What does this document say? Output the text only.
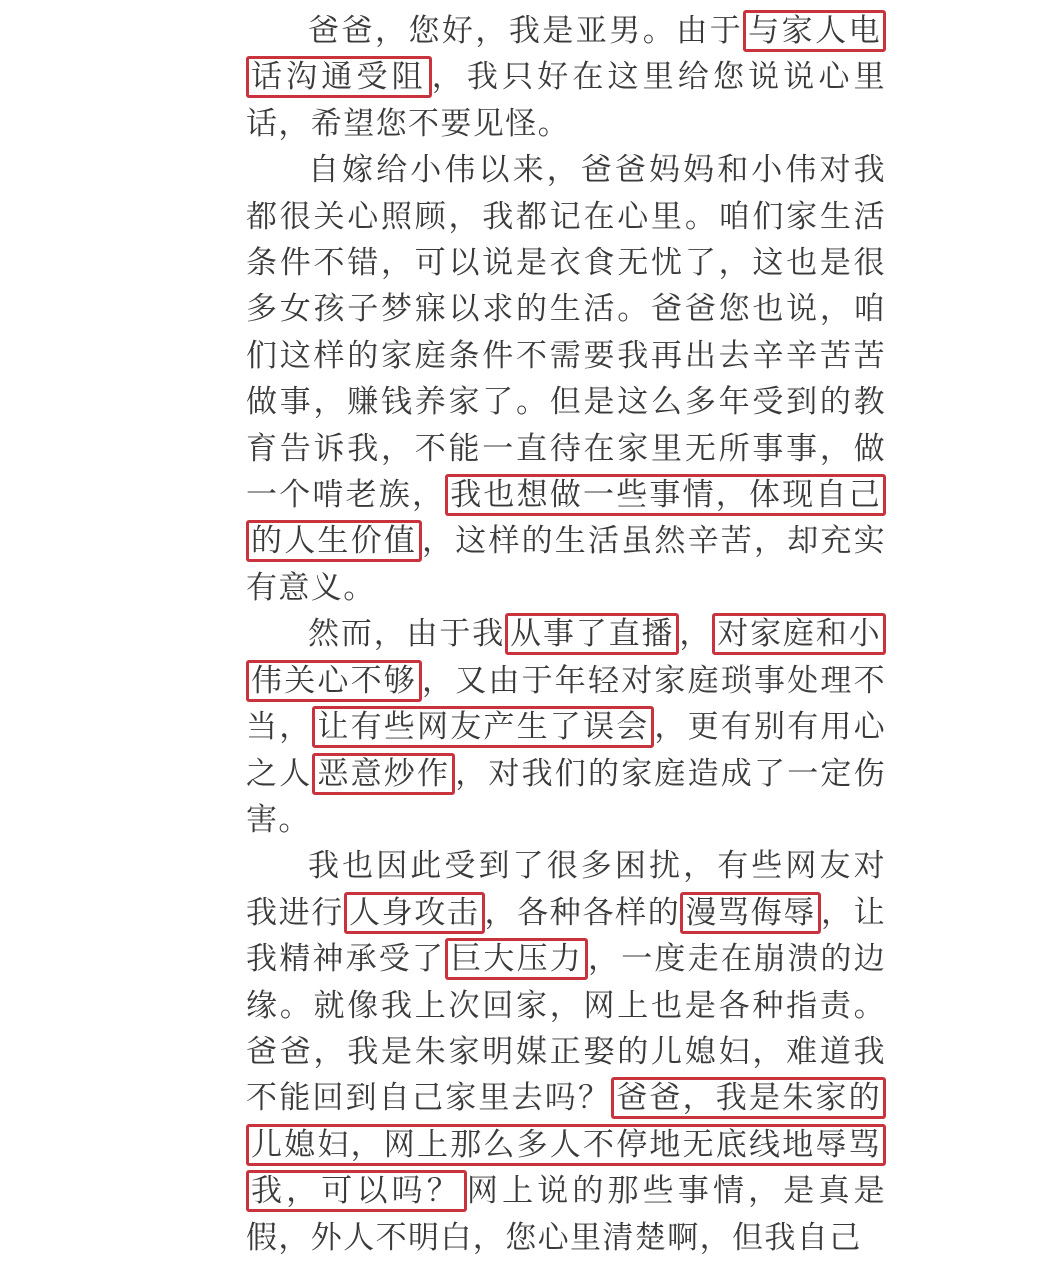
爸爸，您好，我是亚男。由于 与家人电话沟通受阻 ，我只好在这里给您说说心里话，希望您不要见怪。

自嫁给小伟以来，爸爸妈妈和小伟对我都很关心照顾，我都记在心里。咱们家生活条件不错，可以说是衣食无忧了，这也是很多女孩子梦寐以求的生活。爸爸您也说，咱们这样的家庭条件不需要我再出去辛辛苦苦做事，赚钱养家了。但是这么多年受到的教育告诉我，不能一直待在家里无所事事，做一个啃老族， 我也想做一些事情，体现自己的人生价值 ，这样的生活虽然辛苦，却充实有意义。

然而，由于我 从事了直播 ， 对家庭和小伟关心不够 ，又由于年轻对家庭琐事处理不当， 让有些网友产生了误会 ，更有别有用心之人 恶意炒作 ，对我们的家庭造成了一定伤害。

我也因此受到了很多困扰，有些网友对我进行 人身攻击 ，各种各样的 漫骂侮辱 ，让我精神承受了 巨大压力 ，一度走在崩溃的边缘。就像我上次回家，网上也是各种指责。爸爸，我是朱家明媒正娶的儿媳妇，难道我不能回到自己家里去吗？ 爸爸，我是朱家的儿媳妇，网上那么多人不停地无底线地辱骂我，可以吗？ 网上说的那些事情，是真是假，外人不明白，您心里清楚啊，但我自己
